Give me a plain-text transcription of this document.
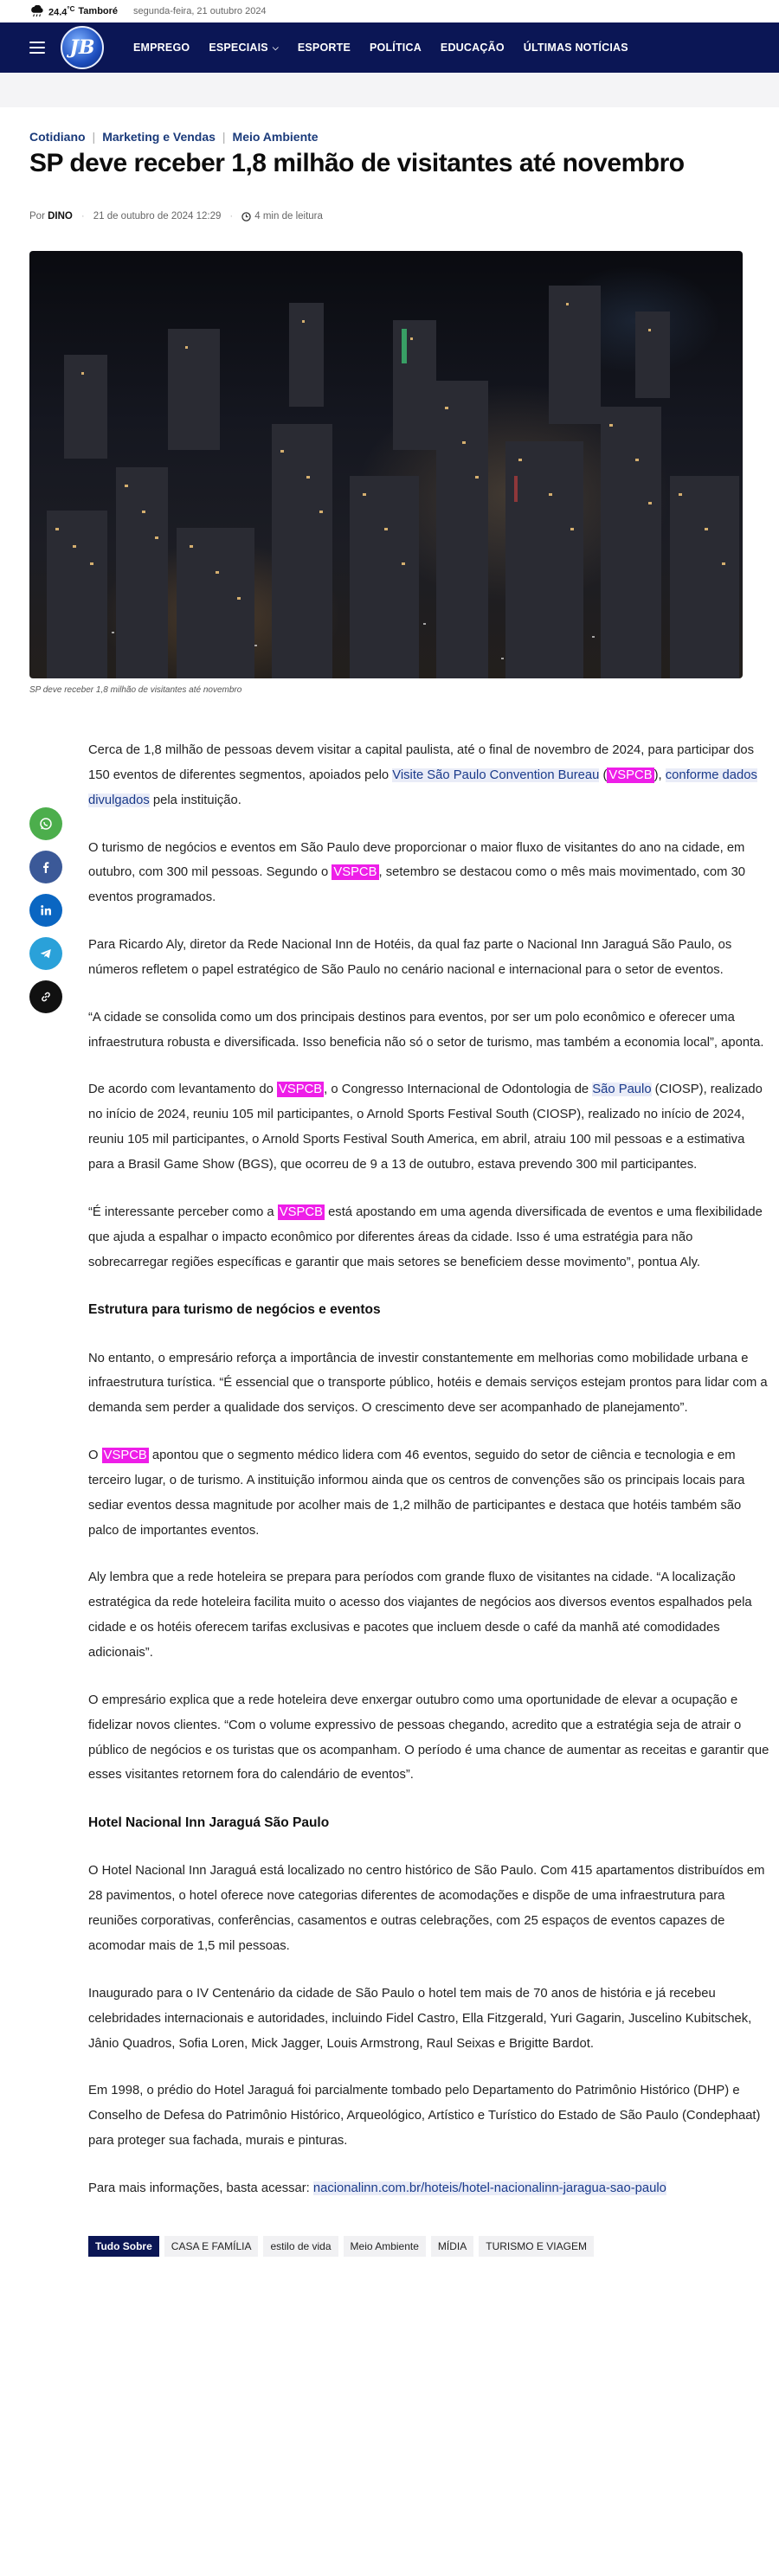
$24.4^{^\circ C}$ Tamboré segunda-feira, 21 outubro 2024
JB	EMPREGO ESPECIAIS ⌵ ESPORTE POLÍTICA EDUCAÇÃO ÚLTIMAS NOTÍCIAS
Cotidiano | Marketing e Vendas | Meio Ambiente
SP deve receber 1,8 milhão de visitantes até novembro
Por DINO · 21 de outubro de 2024 12:29 · 4 min de leitura

SP deve receber 1,8 milhão de visitantes até novembro

Cerca de 1,8 milhão de pessoas devem visitar a capital paulista, até o final de novembro de 2024, para participar dos 150 eventos de diferentes segmentos, apoiados pelo Visite São Paulo Convention Bureau ( VSPCB ), conforme dados divulgados pela instituição.

O turismo de negócios e eventos em São Paulo deve proporcionar o maior fluxo de visitantes do ano na cidade, em outubro, com 300 mil pessoas. Segundo o VSPCB , setembro se destacou como o mês mais movimentado, com 30 eventos programados.

Para Ricardo Aly, diretor da Rede Nacional Inn de Hotéis, da qual faz parte o Nacional Inn Jaraguá São Paulo, os números refletem o papel estratégico de São Paulo no cenário nacional e internacional para o setor de eventos.

“A cidade se consolida como um dos principais destinos para eventos, por ser um polo econômico e oferecer uma infraestrutura robusta e diversificada. Isso beneficia não só o setor de turismo, mas também a economia local”, aponta.

De acordo com levantamento do VSPCB , o Congresso Internacional de Odontologia de São Paulo (CIOSP), realizado no início de 2024, reuniu 105 mil participantes, o Arnold Sports Festival South (CIOSP), realizado no início de 2024, reuniu 105 mil participantes, o Arnold Sports Festival South America, em abril, atraiu 100 mil pessoas e a estimativa para a Brasil Game Show (BGS), que ocorreu de 9 a 13 de outubro, estava prevendo 300 mil participantes.

“É interessante perceber como a VSPCB está apostando em uma agenda diversificada de eventos e uma flexibilidade que ajuda a espalhar o impacto econômico por diferentes áreas da cidade. Isso é uma estratégia para não sobrecarregar regiões específicas e garantir que mais setores se beneficiem desse movimento”, pontua Aly.

Estrutura para turismo de negócios e eventos

No entanto, o empresário reforça a importância de investir constantemente em melhorias como mobilidade urbana e infraestrutura turística. “É essencial que o transporte público, hotéis e demais serviços estejam prontos para lidar com a demanda sem perder a qualidade dos serviços. O crescimento deve ser acompanhado de planejamento”.

O VSPCB apontou que o segmento médico lidera com 46 eventos, seguido do setor de ciência e tecnologia e em terceiro lugar, o de turismo. A instituição informou ainda que os centros de convenções são os principais locais para sediar eventos dessa magnitude por acolher mais de 1,2 milhão de participantes e destaca que hotéis também são palco de importantes eventos.

Aly lembra que a rede hoteleira se prepara para períodos com grande fluxo de visitantes na cidade. “A localização estratégica da rede hoteleira facilita muito o acesso dos viajantes de negócios aos diversos eventos espalhados pela cidade e os hotéis oferecem tarifas exclusivas e pacotes que incluem desde o café da manhã até comodidades adicionais”.

O empresário explica que a rede hoteleira deve enxergar outubro como uma oportunidade de elevar a ocupação e fidelizar novos clientes. “Com o volume expressivo de pessoas chegando, acredito que a estratégia seja de atrair o público de negócios e os turistas que os acompanham. O período é uma chance de aumentar as receitas e garantir que esses visitantes retornem fora do calendário de eventos”.

Hotel Nacional Inn Jaraguá São Paulo

O Hotel Nacional Inn Jaraguá está localizado no centro histórico de São Paulo. Com 415 apartamentos distribuídos em 28 pavimentos, o hotel oferece nove categorias diferentes de acomodações e dispõe de uma infraestrutura para reuniões corporativas, conferências, casamentos e outras celebrações, com 25 espaços de eventos capazes de acomodar mais de 1,5 mil pessoas.

Inaugurado para o IV Centenário da cidade de São Paulo o hotel tem mais de 70 anos de história e já recebeu celebridades internacionais e autoridades, incluindo Fidel Castro, Ella Fitzgerald, Yuri Gagarin, Juscelino Kubitschek, Jânio Quadros, Sofia Loren, Mick Jagger, Louis Armstrong, Raul Seixas e Brigitte Bardot.

Em 1998, o prédio do Hotel Jaraguá foi parcialmente tombado pelo Departamento do Patrimônio Histórico (DHP) e Conselho de Defesa do Patrimônio Histórico, Arqueológico, Artístico e Turístico do Estado de São Paulo (Condephaat) para proteger sua fachada, murais e pinturas.

Para mais informações, basta acessar: nacionalinn.com.br/hoteis/hotel-nacionalinn-jaragua-sao-paulo

Tudo Sobre	CASA E FAMÍLIA	estilo de vida	Meio Ambiente	MÍDIA	TURISMO E VIAGEM
